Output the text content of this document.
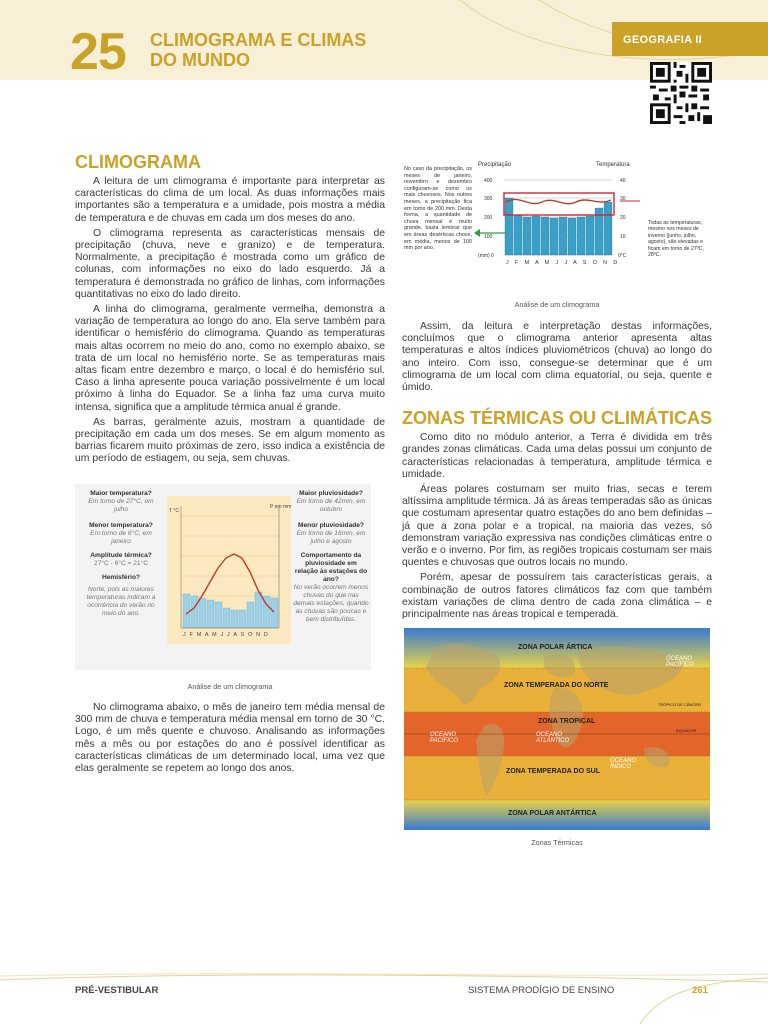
25 CLIMOGRAMA E CLIMAS
DO MUNDO
GEOGRAFIA II
CLIMOGRAMA

A leitura de um climograma é importante para interpretar as características do clima de um local. As duas informações mais importantes são a temperatura e a umidade, pois mostra a média de temperatura e de chuvas em cada um dos meses do ano.

O climograma representa as características mensais de precipitação (chuva, neve e granizo) e de temperatura. Normalmente, a precipitação é mostrada como um gráfico de colunas, com informações no eixo do lado esquerdo. Já a temperatura é demonstrada no gráfico de linhas, com informações quantitativas no eixo do lado direito.

A linha do climograma, geralmente vermelha, demonstra a variação de temperatura ao longo do ano. Ela serve também para identificar o hemisfério do climograma. Quando as temperaturas mais altas ocorrem no meio do ano, como no exemplo abaixo, se trata de um local no hemisfério norte. Se as temperaturas mais altas ficam entre dezembro e março, o local é do hemisfério sul. Caso a linha apresente pouca variação possivelmente é um local próximo à linha do Equador. Se a linha faz uma curva muito intensa, significa que a amplitude térmica anual é grande.

As barras, geralmente azuis, mostram a quantidade de precipitação em cada um dos meses. Se em algum momento as barrias ficarem muito próximas de zero, isso indica a existência de um período de estiagem, ou seja, sem chuvas.

Maior temperatura?
Em torno de 27°C, em julho
Menor temperatura?
Em torno de 6°C, em janeiro
Amplitude térmica?
27°C - 6°C = 21°C
Hemisfério?
Norte, pois as maiores temperaturas indicam a ocorrência do verão no meio do ano.
T °C
P em mm
J F M A M J J A S O N D
Maior pluviosidade?
Em torno de 42mm, em outubro
Menor pluviosidade?
Em torno de 16mm, em julho e agosto
Comportamento da pluviosidade em relação às estações do ano?
No verão ocorrem menos chuvas do que nas demais estações, quando as chuvas são poucas e bem distribuídas.
Análise de um climograma

No climograma abaixo, o mês de janeiro tem média mensal de 300 mm de chuva e temperatura média mensal em torno de 30 °C. Logo, é um mês quente e chuvoso. Analisando as informações mês a mês ou por estações do ano é possível identificar as características climáticas de um determinado local, uma vez que elas geralmente se repetem ao longo dos anos.

No caso da precipitação, os meses de janeiro, novembro e dezembro configuram-se como os mais chuvosos. Nos outros meses, a precipitação fica em torno de 200 mm. Desta forma, a quantidade de chuva mensal é muito grande, basta lembrar que em áreas desérticas chove, em média, menos de 100 mm por ano.
Precipitação	Temperatura
400
300
200
100
(mm) 0
40
30
20
10
0°C
J F M A M J J A S O N D
Todas as temperaturas, mesmo nos meses de inverno (junho, julho, agosto), são elevadas e ficam em torno de 27ºC, 28ºC.
Análise de um climograma

Assim, da leitura e interpretação destas informações, concluímos que o climograma anterior apresenta altas temperaturas e altos índices pluviométricos (chuva) ao longo do ano inteiro. Com isso, consegue-se determinar que é um climograma de um local com clima equatorial, ou seja, quente e úmido.

ZONAS TÉRMICAS OU CLIMÁTICAS

Como dito no módulo anterior, a Terra é dividida em três grandes zonas climáticas. Cada uma delas possui um conjunto de características relacionadas à temperatura, amplitude térmica e umidade.

Áreas polares costumam ser muito frias, secas e terem altíssima amplitude térmica. Já as áreas temperadas são as únicas que costumam apresentar quatro estações do ano bem definidas – já que a zona polar e a tropical, na maioria das vezes, só demonstram variação expressiva nas condições climáticas entre o verão e o inverno. Por fim, as regiões tropicais costumam ser mais quentes e chuvosas que outros locais no mundo.

Porém, apesar de possuírem tais características gerais, a combinação de outros fatores climáticos faz com que também existam variações de clima dentro de cada zona climática – e principalmente nas áreas tropical e temperada.

ZONA POLAR ÁRTICA
ZONA TEMPERADA DO NORTE
ZONA TROPICAL
ZONA TEMPERADA DO SUL
ZONA POLAR ANTÁRTICA
OCEANO ATLÂNTICO
OCEANO PACÍFICO
OCEANO PACÍFICO
OCEANO ÍNDICO
TRÓPICO DE CÂNCER
EQUADOR
Zonas Térmicas
PRÉ-VESTIBULAR	SISTEMA PRODÍGIO DE ENSINO	261
